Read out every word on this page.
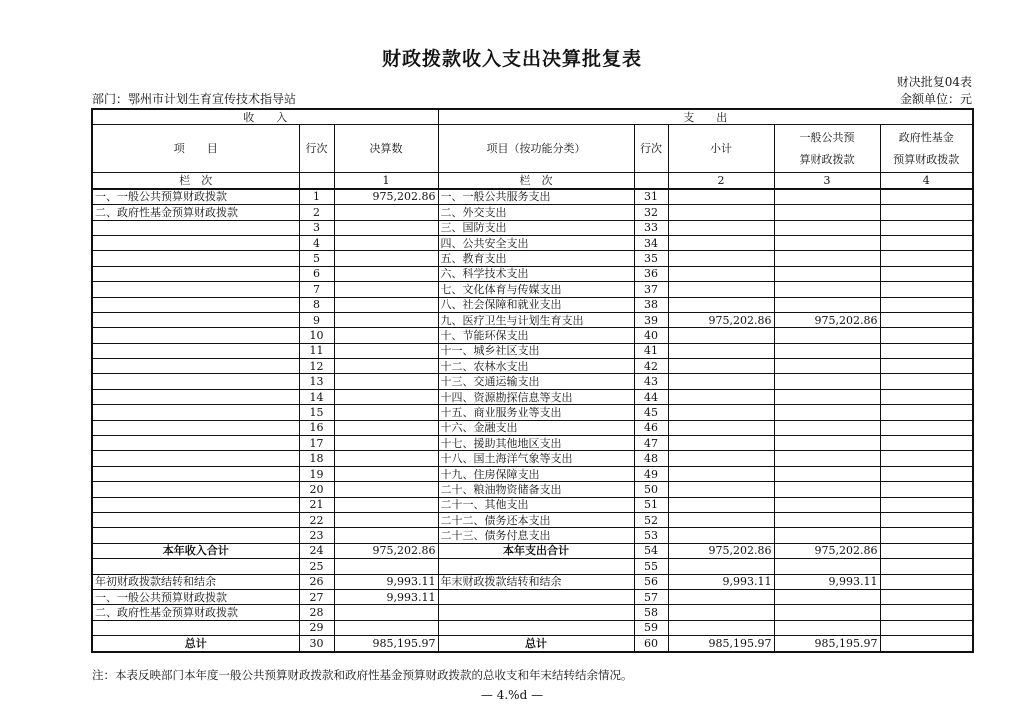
财政拨款收入支出决算批复表
财决批复04表
部门：鄂州市计划生育宣传技术指导站	金额单位：元
收　　入			支　　出				
项　　目	行次	决算数	项目（按功能分类）	行次	小计	一般公共预
算财政拨款	政府性基金
预算财政拨款
栏　次		1	栏　次		2	3	4
一、一般公共预算财政拨款	1	975,202.86	一、一般公共服务支出	31			
二、政府性基金预算财政拨款	2		二、外交支出	32			
	3		三、国防支出	33			
	4		四、公共安全支出	34			
	5		五、教育支出	35			
	6		六、科学技术支出	36			
	7		七、文化体育与传媒支出	37			
	8		八、社会保障和就业支出	38			
	9		九、医疗卫生与计划生育支出	39	975,202.86	975,202.86	
	10		十、节能环保支出	40			
	11		十一、城乡社区支出	41			
	12		十二、农林水支出	42			
	13		十三、交通运输支出	43			
	14		十四、资源勘探信息等支出	44			
	15		十五、商业服务业等支出	45			
	16		十六、金融支出	46			
	17		十七、援助其他地区支出	47			
	18		十八、国土海洋气象等支出	48			
	19		十九、住房保障支出	49			
	20		二十、粮油物资储备支出	50			
	21		二十一、其他支出	51			
	22		二十二、债务还本支出	52			
	23		二十三、债务付息支出	53			
本年收入合计	24	975,202.86	本年支出合计	54	975,202.86	975,202.86	
	25			55			
年初财政拨款结转和结余	26	9,993.11	年末财政拨款结转和结余	56	9,993.11	9,993.11	
一、一般公共预算财政拨款	27	9,993.11		57			
二、政府性基金预算财政拨款	28			58			
	29			59			
总计	30	985,195.97	总计	60	985,195.97	985,195.97	
注：本表反映部门本年度一般公共预算财政拨款和政府性基金预算财政拨款的总收支和年末结转结余情况。
— 4.%d —
